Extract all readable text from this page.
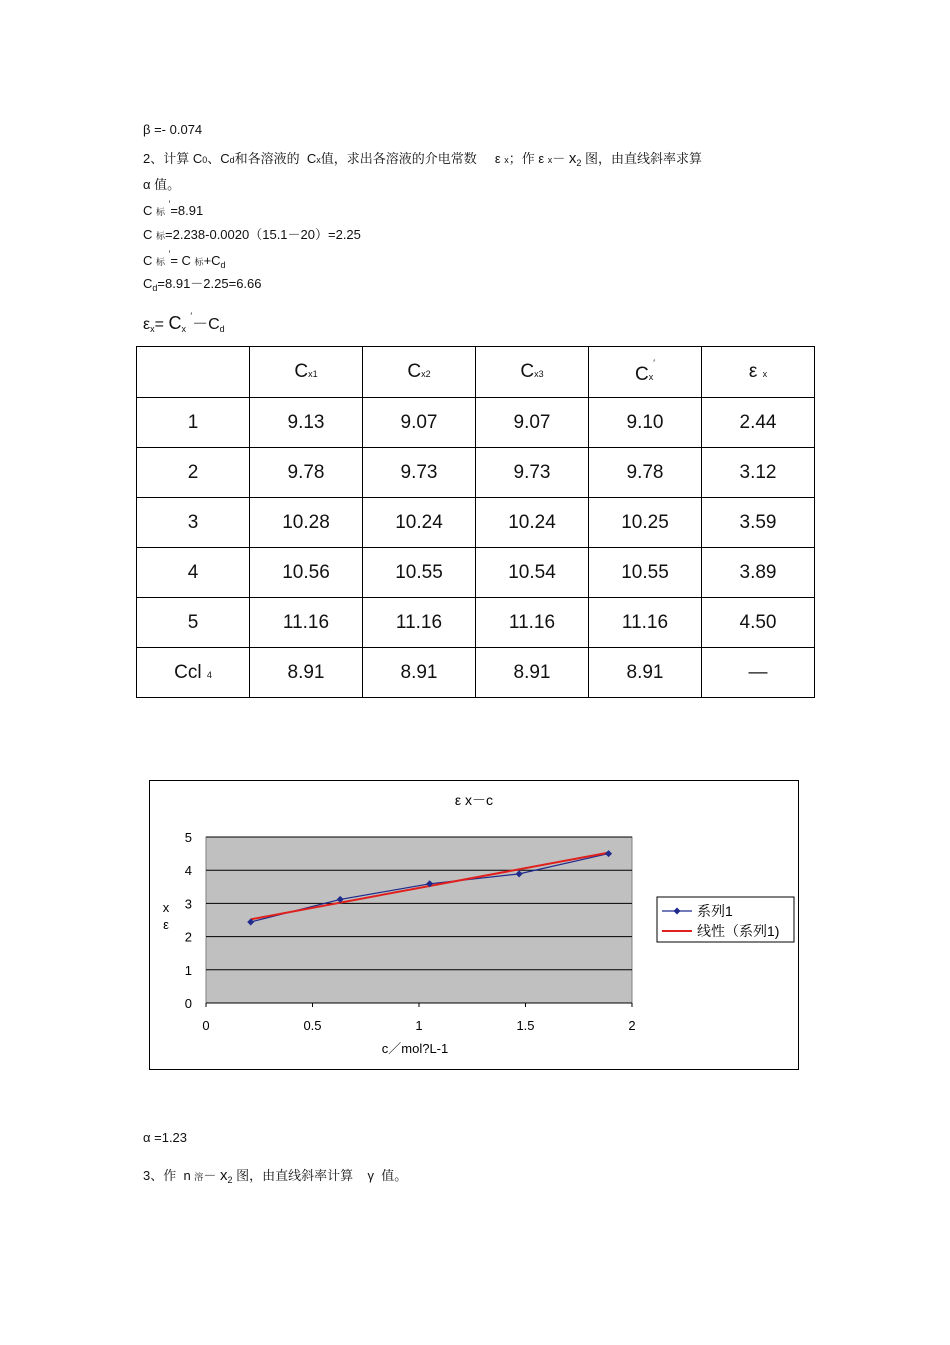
β =- 0.074
2、计算 C0、Cd和各溶液的  Cx值，求出各溶液的介电常数     ε x；作 ε $x- x_2$ 图，由直线斜率求算
α 值。
C 标 ′=8.91
C 标=2.238-0.0020（15.1－20）=2.25
C 标 ′= C 标$+C_d$
$C_d=8.91-2.25=6.66$
$\varepsilon_x= C_x$ $'-C_d$
	Cx1	Cx2	Cx3	Cx′	ε x
1	9.13	9.07	9.07	9.10	2.44
2	9.78	9.73	9.73	9.78	3.12
3	10.28	10.24	10.24	10.25	3.59
4	10.56	10.55	10.54	10.55	3.89
5	11.16	11.16	11.16	11.16	4.50
Ccl 4	8.91	8.91	8.91	8.91	—
0
1
2
3
4
5
0	0.5	1	1.5	2
ε x－c
c／mol?L-1
x
ε
系列1
线性（系列1)
α =1.23
3、作  n 溶－ $x_2$ 图，由直线斜率计算    γ  值。
